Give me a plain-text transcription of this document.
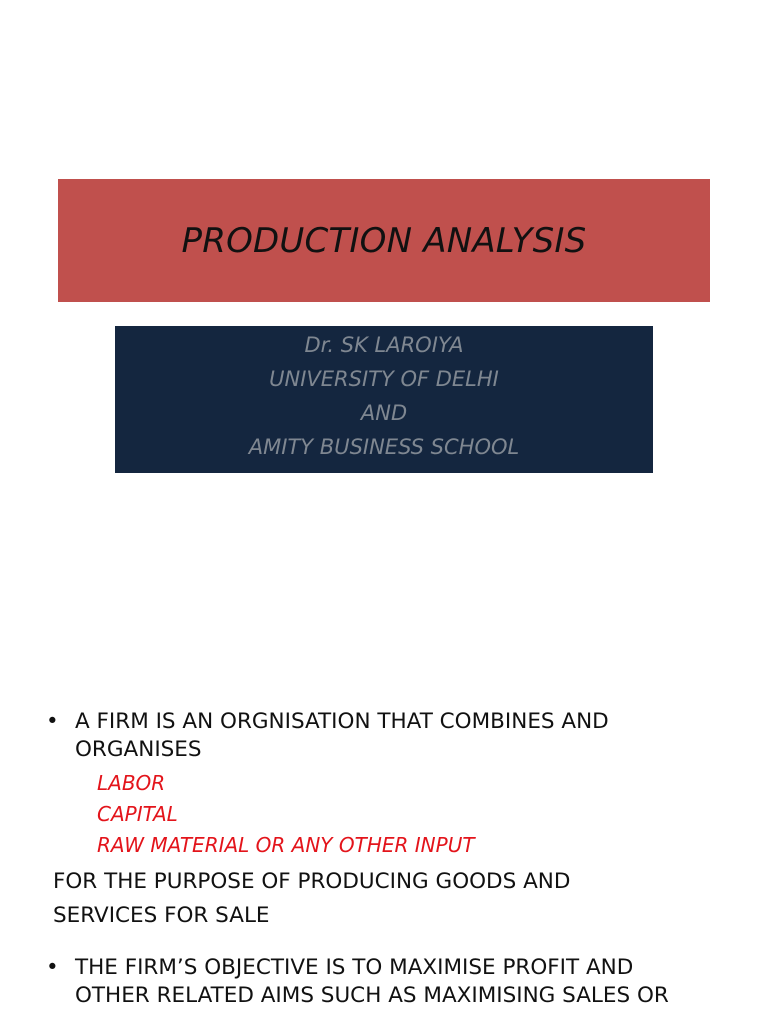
PRODUCTION ANALYSIS
Dr. SK LAROIYA
UNIVERSITY OF DELHI
AND
AMITY BUSINESS SCHOOL
• A FIRM IS AN ORGNISATION THAT COMBINES AND
ORGANISES
LABOR
CAPITAL
RAW MATERIAL OR ANY OTHER INPUT
FOR THE PURPOSE OF PRODUCING GOODS AND
SERVICES FOR SALE
• THE FIRM’S OBJECTIVE IS TO MAXIMISE PROFIT AND
OTHER RELATED AIMS SUCH AS MAXIMISING SALES OR
